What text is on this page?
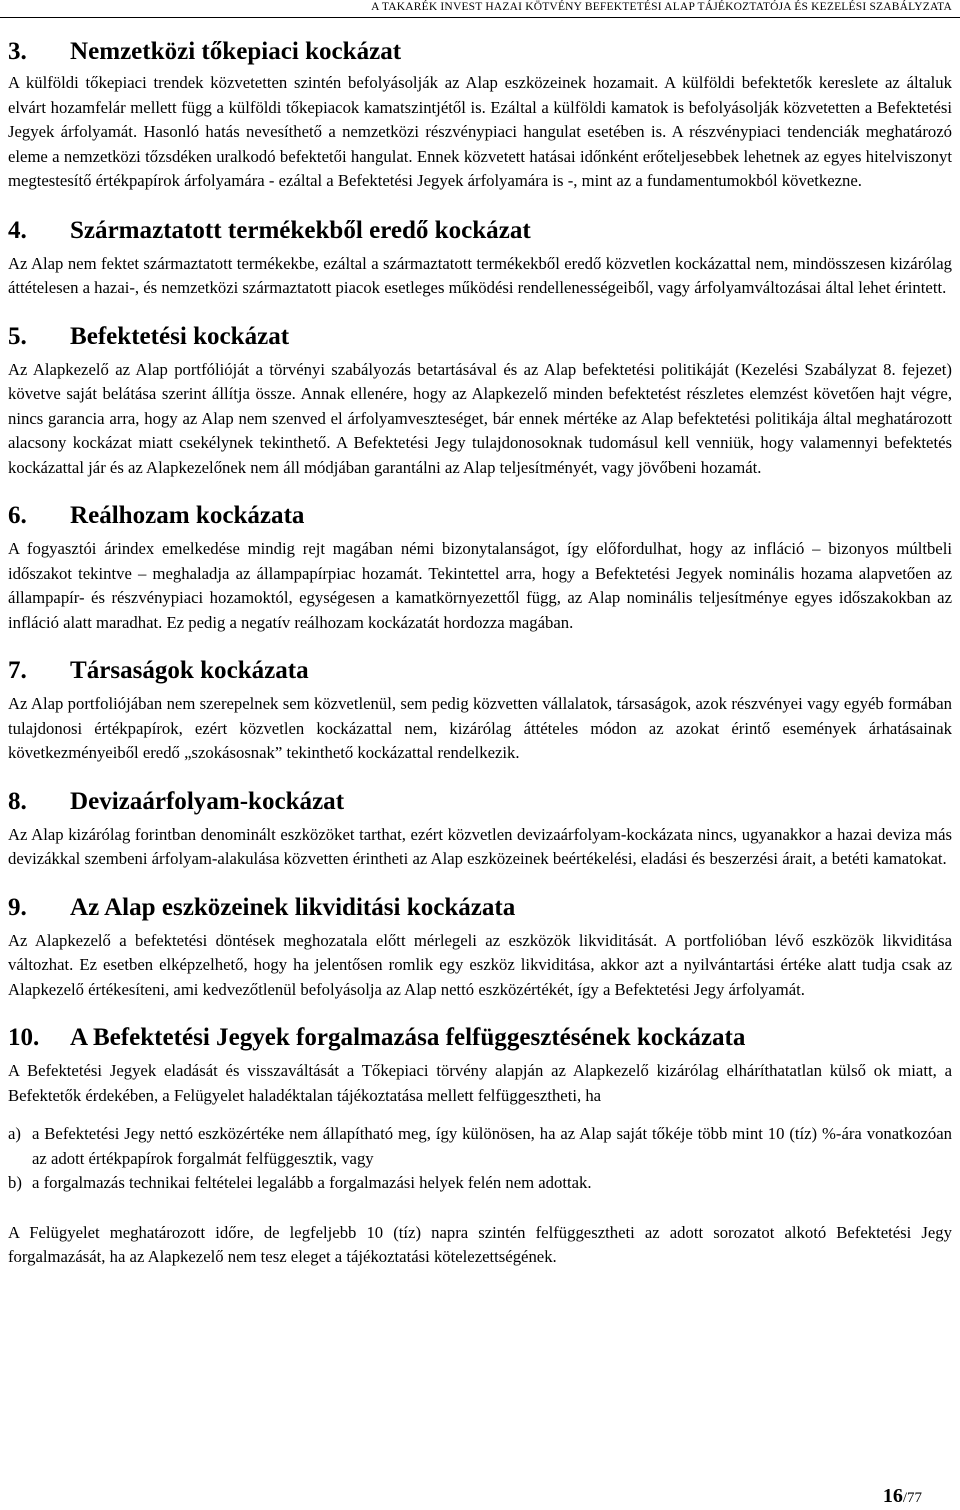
A TAKARÉK INVEST HAZAI KÖTVÉNY BEFEKTETÉSI ALAP TÁJÉKOZTATÓJA ÉS KEZELÉSI SZABÁLYZATA
3.	Nemzetközi tőkepiaci kockázat

A külföldi tőkepiaci trendek közvetetten szintén befolyásolják az Alap eszközeinek hozamait. A külföldi befektetők kereslete az általuk elvárt hozamfelár mellett függ a külföldi tőkepiacok kamatszintjétől is. Ezáltal a külföldi kamatok is befolyásolják közvetetten a Befektetési Jegyek árfolyamát. Hasonló hatás nevesíthető a nemzetközi részvénypiaci hangulat esetében is. A részvénypiaci tendenciák meghatározó eleme a nemzetközi tőzsdéken uralkodó befektetői hangulat. Ennek közvetett hatásai időnként erőteljesebbek lehetnek az egyes hitelviszonyt megtestesítő értékpapírok árfolyamára - ezáltal a Befektetési Jegyek árfolyamára is -, mint az a fundamentumokból következne.

4.	Származtatott termékekből eredő kockázat

Az Alap nem fektet származtatott termékekbe, ezáltal a származtatott termékekből eredő közvetlen kockázattal nem, mindösszesen kizárólag áttételesen a hazai-, és nemzetközi származtatott piacok esetleges működési rendellenességeiből, vagy árfolyamváltozásai által lehet érintett.

5.	Befektetési kockázat

Az Alapkezelő az Alap portfólióját a törvényi szabályozás betartásával és az Alap befektetési politikáját (Kezelési Szabályzat 8. fejezet) követve saját belátása szerint állítja össze. Annak ellenére, hogy az Alapkezelő minden befektetést részletes elemzést követően hajt végre, nincs garancia arra, hogy az Alap nem szenved el árfolyamveszteséget, bár ennek mértéke az Alap befektetési politikája által meghatározott alacsony kockázat miatt csekélynek tekinthető. A Befektetési Jegy tulajdonosoknak tudomásul kell venniük, hogy valamennyi befektetés kockázattal jár és az Alapkezelőnek nem áll módjában garantálni az Alap teljesítményét, vagy jövőbeni hozamát.

6.	Reálhozam kockázata

A fogyasztói árindex emelkedése mindig rejt magában némi bizonytalanságot, így előfordulhat, hogy az infláció – bizonyos múltbeli időszakot tekintve – meghaladja az állampapírpiac hozamát. Tekintettel arra, hogy a Befektetési Jegyek nominális hozama alapvetően az állampapír- és részvénypiaci hozamoktól, egységesen a kamatkörnyezettől függ, az Alap nominális teljesítménye egyes időszakokban az infláció alatt maradhat. Ez pedig a negatív reálhozam kockázatát hordozza magában.

7.	Társaságok kockázata

Az Alap portfoliójában nem szerepelnek sem közvetlenül, sem pedig közvetten vállalatok, társaságok, azok részvényei vagy egyéb formában tulajdonosi értékpapírok, ezért közvetlen kockázattal nem, kizárólag áttételes módon az azokat érintő események árhatásainak következményeiből eredő „szokásosnak” tekinthető kockázattal rendelkezik.

8.	Devizaárfolyam-kockázat

Az Alap kizárólag forintban denominált eszközöket tarthat, ezért közvetlen devizaárfolyam-kockázata nincs, ugyanakkor a hazai deviza más devizákkal szembeni árfolyam-alakulása közvetten érintheti az Alap eszközeinek beértékelési, eladási és beszerzési árait, a betéti kamatokat.

9.	Az Alap eszközeinek likviditási kockázata

Az Alapkezelő a befektetési döntések meghozatala előtt mérlegeli az eszközök likviditását. A portfolióban lévő eszközök likviditása változhat. Ez esetben elképzelhető, hogy ha jelentősen romlik egy eszköz likviditása, akkor azt a nyilvántartási értéke alatt tudja csak az Alapkezelő értékesíteni, ami kedvezőtlenül befolyásolja az Alap nettó eszközértékét, így a Befektetési Jegy árfolyamát.

10.	A Befektetési Jegyek forgalmazása felfüggesztésének kockázata

A Befektetési Jegyek eladását és visszaváltását a Tőkepiaci törvény alapján az Alapkezelő kizárólag elháríthatatlan külső ok miatt, a Befektetők érdekében, a Felügyelet haladéktalan tájékoztatása mellett felfüggesztheti, ha

a) a Befektetési Jegy nettó eszközértéke nem állapítható meg, így különösen, ha az Alap saját tőkéje több mint 10 (tíz) %-ára vonatkozóan az adott értékpapírok forgalmát felfüggesztik, vagy
b) a forgalmazás technikai feltételei legalább a forgalmazási helyek felén nem adottak.

A Felügyelet meghatározott időre, de legfeljebb 10 (tíz) napra szintén felfüggesztheti az adott sorozatot alkotó Befektetési Jegy forgalmazását, ha az Alapkezelő nem tesz eleget a tájékoztatási kötelezettségének.

16/77
